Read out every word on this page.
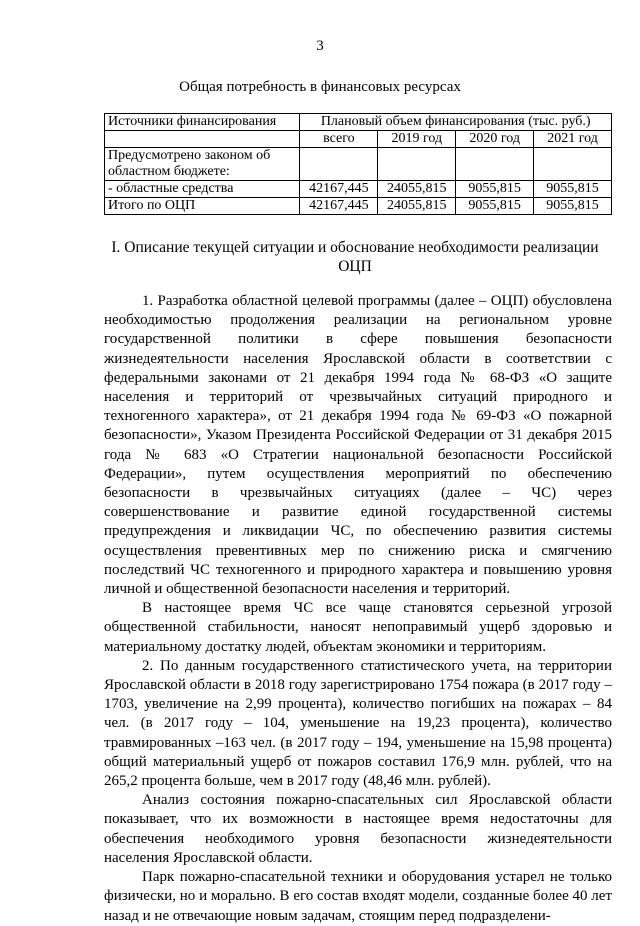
3
Общая потребность в финансовых ресурсах
Источники финансирования	Плановый объем финансирования (тыс. руб.)			
	всего	2019 год	2020 год	2021 год
Предусмотрено законом об областном бюджете:				
- областные средства	42167,445	24055,815	9055,815	9055,815
Итого по ОЦП	42167,445	24055,815	9055,815	9055,815
I. Описание текущей ситуации и обоснование необходимости реализации ОЦП

1. Разработка областной целевой программы (далее – ОЦП) обусловлена необходимостью продолжения реализации на региональном уровне государственной политики в сфере повышения безопасности жизнедеятельности населения Ярославской области в соответствии с федеральными законами от 21 декабря 1994 года № 68-ФЗ «О защите населения и территорий от чрезвычайных ситуаций природного и техногенного характера», от 21 декабря 1994 года № 69-ФЗ «О пожарной безопасности», Указом Президента Российской Федерации от 31 декабря 2015 года № 683 «О Стратегии национальной безопасности Российской Федерации», путем осуществления мероприятий по обеспечению безопасности в чрезвычайных ситуациях (далее – ЧС) через совершенствование и развитие единой государственной системы предупреждения и ликвидации ЧС, по обеспечению развития системы осуществления превентивных мер по снижению риска и смягчению последствий ЧС техногенного и природного характера и повышению уровня личной и общественной безопасности населения и территорий.

В настоящее время ЧС все чаще становятся серьезной угрозой общественной стабильности, наносят непоправимый ущерб здоровью и материальному достатку людей, объектам экономики и территориям.

2. По данным государственного статистического учета, на территории Ярославской области в 2018 году зарегистрировано 1754 пожара (в 2017 году – 1703, увеличение на 2,99 процента), количество погибших на пожарах – 84 чел. (в 2017 году – 104, уменьшение на 19,23 процента), количество травмированных –163 чел. (в 2017 году – 194, уменьшение на 15,98 процента) общий материальный ущерб от пожаров составил 176,9 млн. рублей, что на 265,2 процента больше, чем в 2017 году (48,46 млн. рублей).

Анализ состояния пожарно-спасательных сил Ярославской области показывает, что их возможности в настоящее время недостаточны для обеспечения необходимого уровня безопасности жизнедеятельности населения Ярославской области.

Парк пожарно-спасательной техники и оборудования устарел не только физически, но и морально. В его состав входят модели, созданные более 40 лет назад и не отвечающие новым задачам, стоящим перед подразделени-
